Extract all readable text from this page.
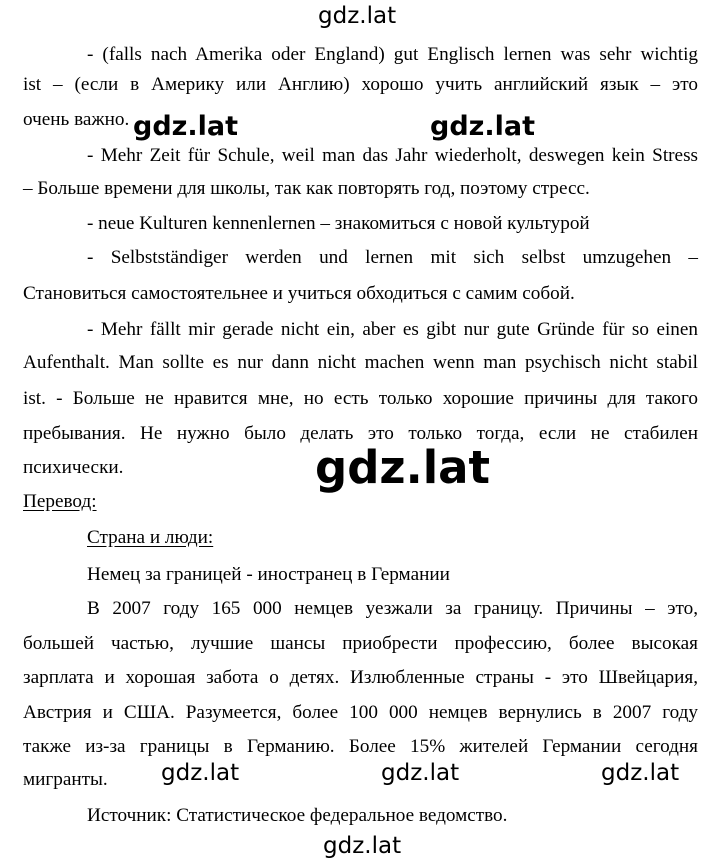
gdz.lat
- (falls nach Amerika oder England) gut Englisch lernen was sehr wichtig
ist – (если в Америку или Англию) хорошо учить английский язык – это
очень важно. gdz.lat	gdz.lat
- Mehr Zeit für Schule, weil man das Jahr wiederholt, deswegen kein Stress
– Больше времени для школы, так как повторять год, поэтому стресс.
- neue Kulturen kennenlernen – знакомиться с новой культурой
- Selbstständiger werden und lernen mit sich selbst umzugehen –
Становиться самостоятельнее и учиться обходиться с самим собой.
- Mehr fällt mir gerade nicht ein, aber es gibt nur gute Gründe für so einen
Aufenthalt. Man sollte es nur dann nicht machen wenn man psychisch nicht stabil
ist. - Больше не нравится мне, но есть только хорошие причины для такого
пребывания. Не нужно было делать это только тогда, если не стабилен
психически.	gdz.lat
Перевод:
Страна и люди:
Немец за границей - иностранец в Германии
В 2007 году 165 000 немцев уезжали за границу. Причины – это,
большей частью, лучшие шансы приобрести профессию, более высокая
зарплата и хорошая забота о детях. Излюбленные страны - это Швейцария,
Австрия и США. Разумеется, более 100 000 немцев вернулись в 2007 году
также из-за границы в Германию. Более 15% жителей Германии сегодня
мигранты.	gdz.lat	gdz.lat	gdz.lat
Источник: Статистическое федеральное ведомство.
gdz.lat
